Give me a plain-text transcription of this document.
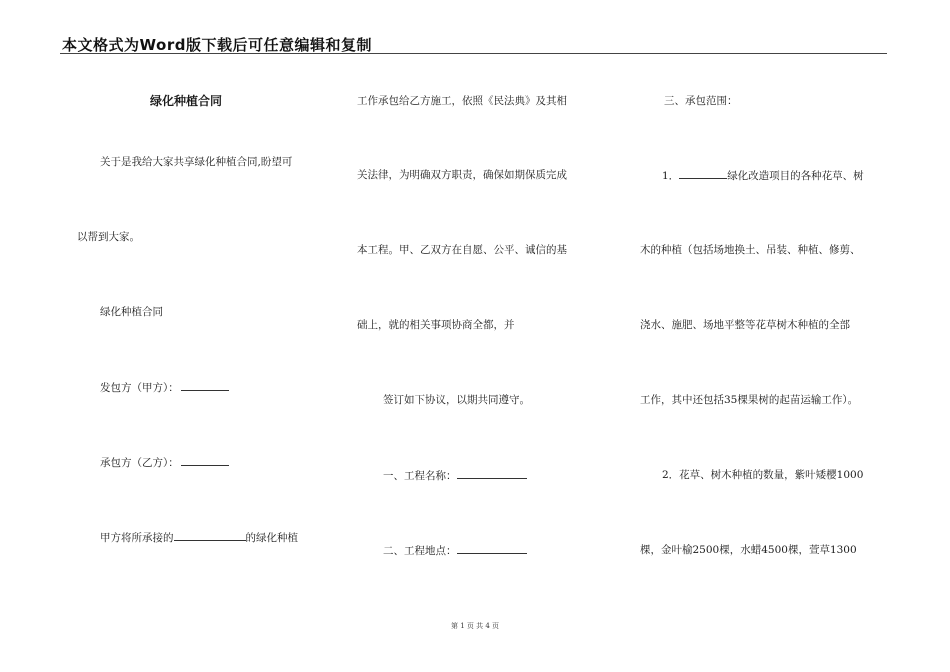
本文格式为Word版下载后可任意编辑和复制
绿化种植合同
关于是我给大家共享绿化种植合同,盼望可
以帮到大家。
绿化种植合同
发包方（甲方）：
承包方（乙方）：
甲方将所承接的	的绿化种植
工作承包给乙方施工，依照《民法典》及其相
关法律，为明确双方职责，确保如期保质完成
本工程。甲、乙双方在自愿、公平、诚信的基
础上，就的相关事项协商全都，并
签订如下协议，以期共同遵守。
一、工程名称：
二、工程地点：
三、承包范围：
1．	绿化改造项目的各种花草、树
木的种植（包括场地换土、吊装、种植、修剪、
浇水、施肥、场地平整等花草树木种植的全部
工作，其中还包括35棵果树的起苗运输工作）。
2．花草、树木种植的数量，紫叶矮樱1000
棵，金叶榆2500棵，水蜡4500棵，萱草1300
第 1 页 共 4 页
